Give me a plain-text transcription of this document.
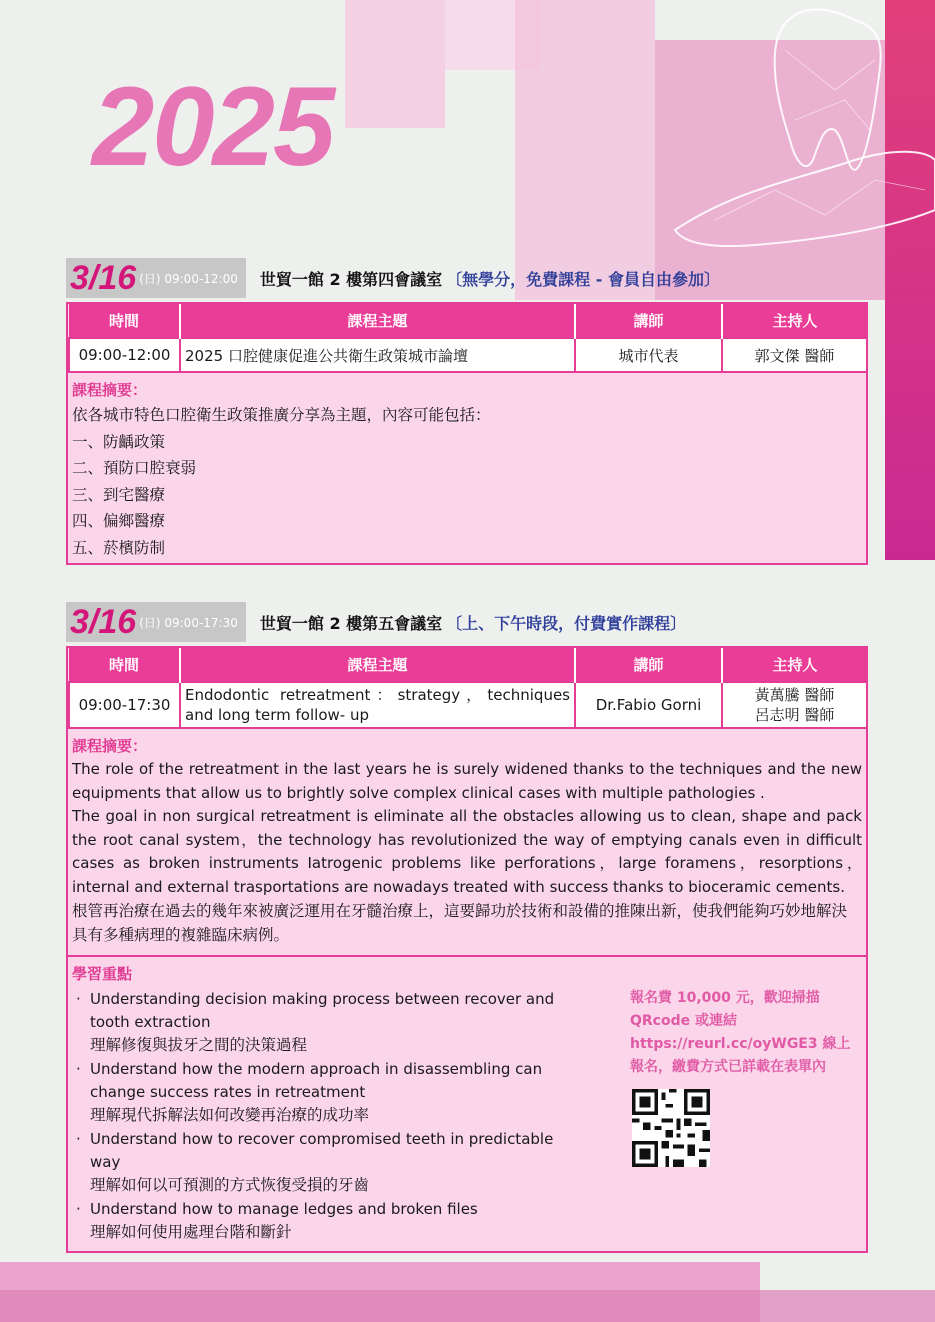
2025
3/16 (日) 09:00-12:00 世貿一館 2 樓第四會議室 〔無學分，免費課程 - 會員自由參加〕
時間	課程主題	講師	主持人
09:00-12:00	2025 口腔健康促進公共衛生政策城市論壇	城市代表	郭文傑 醫師
課程摘要：
依各城市特色口腔衛生政策推廣分享為主題，內容可能包括：
一、防齲政策
二、預防口腔衰弱
三、到宅醫療
四、偏鄉醫療
五、菸檳防制
3/16 (日) 09:00-17:30 世貿一館 2 樓第五會議室 〔上、下午時段，付費實作課程〕
時間	課程主題	講師	主持人
09:00-17:30	Endodontic retreatment：strategy，techniques and long term follow- up	Dr.Fabio Gorni	黃萬騰 醫師
呂志明 醫師
課程摘要：
The role of the retreatment in the last years he is surely widened thanks to the techniques and the new equipments that allow us to brightly solve complex clinical cases with multiple pathologies .
The goal in non surgical retreatment is eliminate all the obstacles allowing us to clean, shape and pack the root canal system，the technology has revolutionized the way of emptying canals even in difficult cases as broken instruments Iatrogenic problems like perforations，large foramens，resorptions，internal and external trasportations are nowadays treated with success thanks to bioceramic cements.
根管再治療在過去的幾年來被廣泛運用在牙髓治療上，這要歸功於技術和設備的推陳出新，使我們能夠巧妙地解決具有多種病理的複雜臨床病例。
學習重點
· Understanding decision making process between recover and tooth extraction
理解修復與拔牙之間的決策過程
· Understand how the modern approach in disassembling can change success rates in retreatment
理解現代拆解法如何改變再治療的成功率
· Understand how to recover compromised teeth in predictable way
理解如何以可預測的方式恢復受損的牙齒
· Understand how to manage ledges and broken files
理解如何使用處理台階和斷針
報名費 10,000 元，歡迎掃描 QRcode 或連結 https://reurl.cc/oyWGE3 線上報名，繳費方式已詳載在表單內
